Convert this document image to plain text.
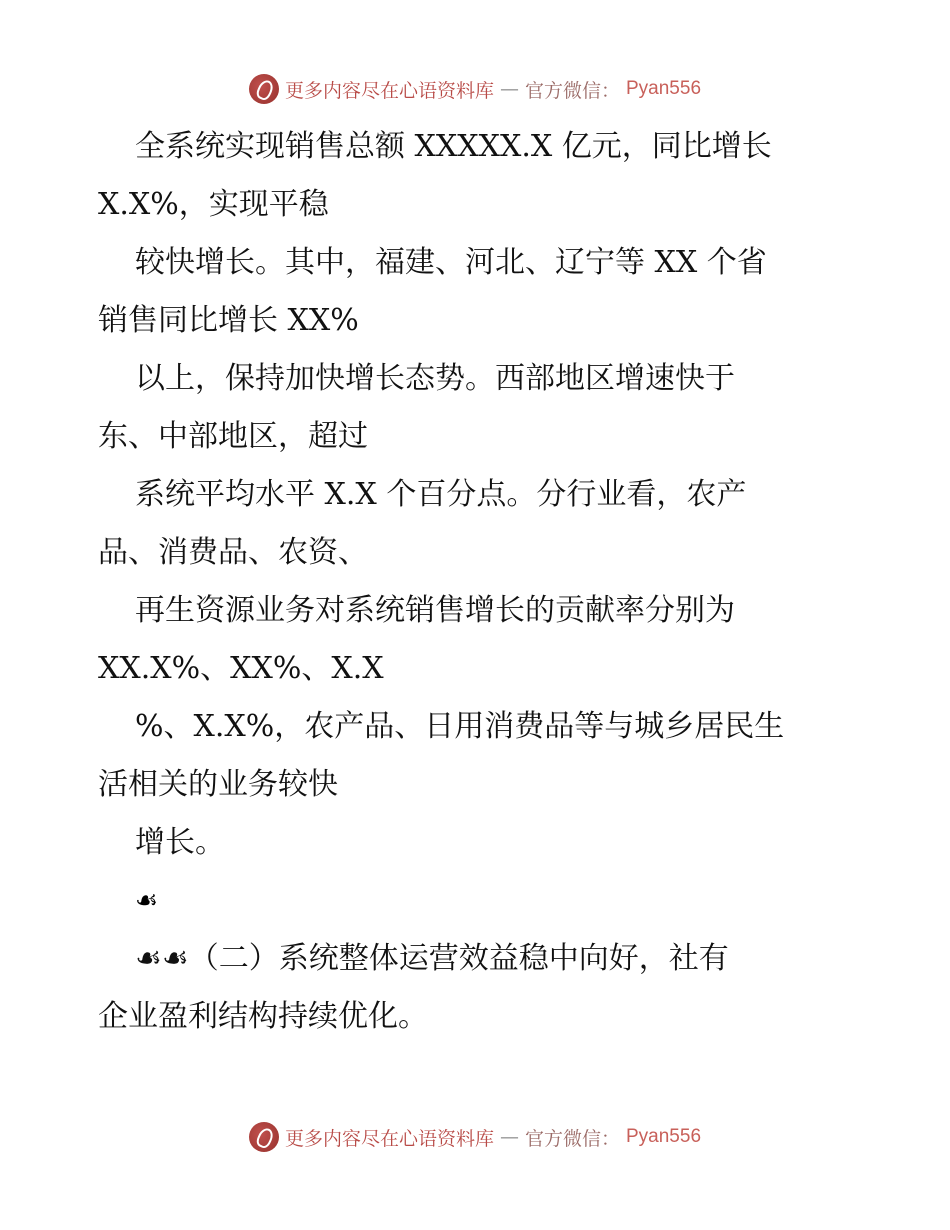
更多内容尽在心语资料库 — 官方微信： Pyan556

全系统实现销售总额 XXXXX.X 亿元，同比增长

X.X%，实现平稳

较快增长。其中，福建、河北、辽宁等 XX 个省

销售同比增长 XX%

以上，保持加快增长态势。西部地区增速快于

东、中部地区，超过

系统平均水平 X.X 个百分点。分行业看，农产

品、消费品、农资、

再生资源业务对系统销售增长的贡献率分别为

XX.X%、XX%、X.X

%、X.X%，农产品、日用消费品等与城乡居民生

活相关的业务较快

增长。

☙

☙☙（二）系统整体运营效益稳中向好，社有

企业盈利结构持续优化。

更多内容尽在心语资料库 — 官方微信： Pyan556
